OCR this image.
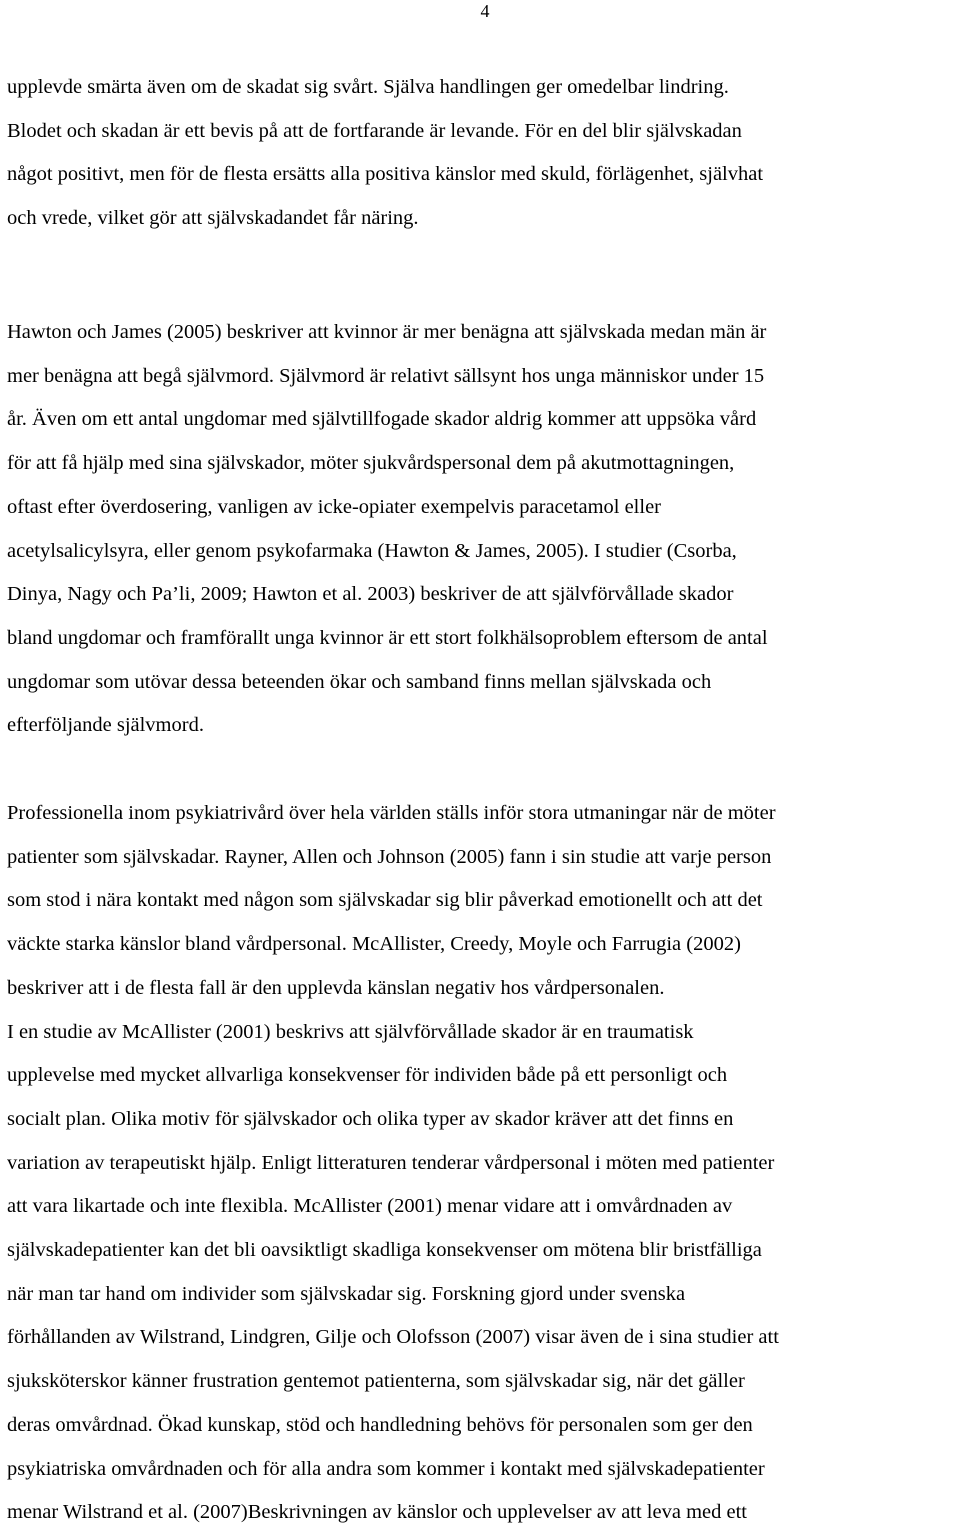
4
upplevde smärta även om de skadat sig svårt. Själva handlingen ger omedelbar lindring.
Blodet och skadan är ett bevis på att de fortfarande är levande. För en del blir självskadan
något positivt, men för de flesta ersätts alla positiva känslor med skuld, förlägenhet, självhat
och vrede, vilket gör att självskadandet får näring.
Hawton och James (2005) beskriver att kvinnor är mer benägna att självskada medan män är
mer benägna att begå självmord. Självmord är relativt sällsynt hos unga människor under 15
år. Även om ett antal ungdomar med självtillfogade skador aldrig kommer att uppsöka vård
för att få hjälp med sina självskador, möter sjukvårdspersonal dem på akutmottagningen,
oftast efter överdosering, vanligen av icke-opiater exempelvis paracetamol eller
acetylsalicylsyra, eller genom psykofarmaka (Hawton & James, 2005). I studier (Csorba,
Dinya, Nagy och Pa’li, 2009; Hawton et al. 2003) beskriver de att självförvållade skador
bland ungdomar och framförallt unga kvinnor är ett stort folkhälsoproblem eftersom de antal
ungdomar som utövar dessa beteenden ökar och samband finns mellan självskada och
efterföljande självmord.
Professionella inom psykiatrivård över hela världen ställs inför stora utmaningar när de möter
patienter som självskadar. Rayner, Allen och Johnson (2005) fann i sin studie att varje person
som stod i nära kontakt med någon som självskadar sig blir påverkad emotionellt och att det
väckte starka känslor bland vårdpersonal. McAllister, Creedy, Moyle och Farrugia (2002)
beskriver att i de flesta fall är den upplevda känslan negativ hos vårdpersonalen.
I en studie av McAllister (2001) beskrivs att självförvållade skador är en traumatisk
upplevelse med mycket allvarliga konsekvenser för individen både på ett personligt och
socialt plan. Olika motiv för självskador och olika typer av skador kräver att det finns en
variation av terapeutiskt hjälp. Enligt litteraturen tenderar vårdpersonal i möten med patienter
att vara likartade och inte flexibla. McAllister (2001) menar vidare att i omvårdnaden av
självskadepatienter kan det bli oavsiktligt skadliga konsekvenser om mötena blir bristfälliga
när man tar hand om individer som självskadar sig. Forskning gjord under svenska
förhållanden av Wilstrand, Lindgren, Gilje och Olofsson (2007) visar även de i sina studier att
sjuksköterskor känner frustration gentemot patienterna, som självskadar sig, när det gäller
deras omvårdnad. Ökad kunskap, stöd och handledning behövs för personalen som ger den
psykiatriska omvårdnaden och för alla andra som kommer i kontakt med självskadepatienter
menar Wilstrand et al. (2007)Beskrivningen av känslor och upplevelser av att leva med ett
